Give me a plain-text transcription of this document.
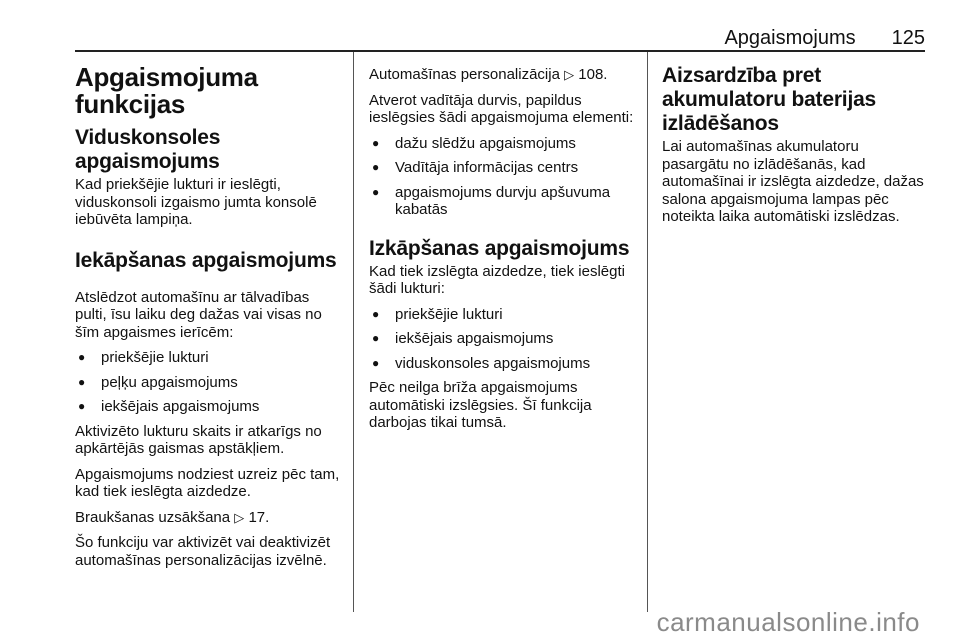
Apgaismojums 125
Apgaismojuma funkcijas
Viduskonsoles apgaismojums

Kad priekšējie lukturi ir ieslēgti, viduskonsoli izgaismo jumta konsolē iebūvēta lampiņa.

Iekāpšanas apgaismojums

Atslēdzot automašīnu ar tālvadības pulti, īsu laiku deg dažas vai visas no šīm apgaismes ierīcēm:

● priekšējie lukturi
● peļķu apgaismojums
● iekšējais apgaismojums

Aktivizēto lukturu skaits ir atkarīgs no apkārtējās gaismas apstākļiem.

Apgaismojums nodziest uzreiz pēc tam, kad tiek ieslēgta aizdedze.

Braukšanas uzsākšana ▷ 17.

Šo funkciju var aktivizēt vai deaktivizēt automašīnas personalizācijas izvēlnē.

Automašīnas personalizācija ▷ 108.

Atverot vadītāja durvis, papildus ieslēgsies šādi apgaismojuma elementi:

● dažu slēdžu apgaismojums
● Vadītāja informācijas centrs
● apgaismojums durvju apšuvuma kabatās
Izkāpšanas apgaismojums

Kad tiek izslēgta aizdedze, tiek ieslēgti šādi lukturi:

● priekšējie lukturi
● iekšējais apgaismojums
● viduskonsoles apgaismojums

Pēc neilga brīža apgaismojums automātiski izslēgsies. Šī funkcija darbojas tikai tumsā.

Aizsardzība pret akumulatoru baterijas izlādēšanos

Lai automašīnas akumulatoru pasargātu no izlādēšanās, kad automašīnai ir izslēgta aizdedze, dažas salona apgaismojuma lampas pēc noteikta laika automātiski izslēdzas.

carmanualsonline.info
